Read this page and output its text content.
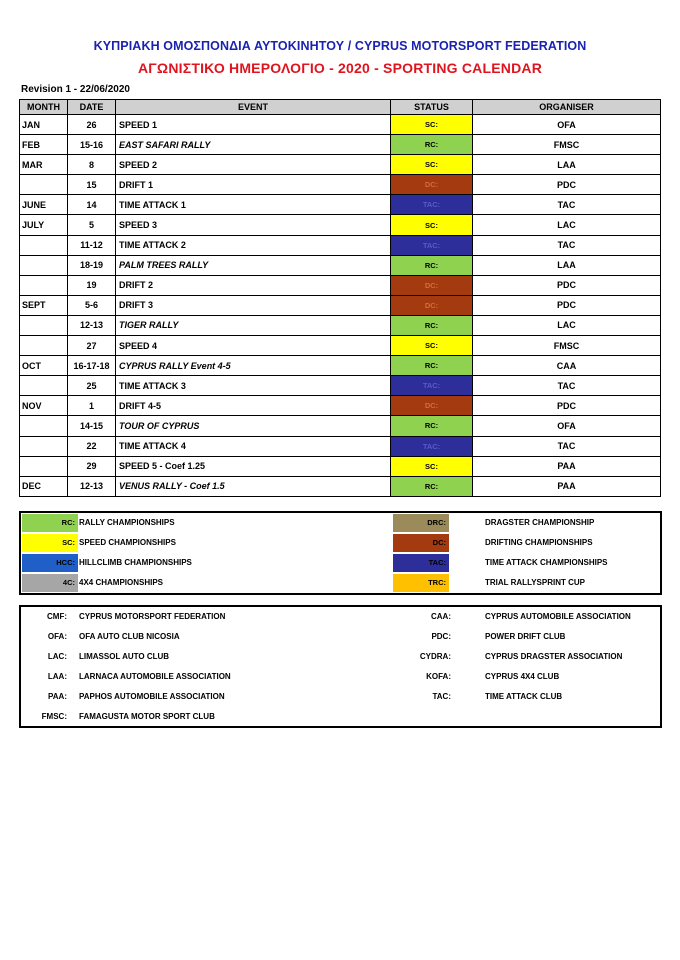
ΚΥΠΡΙΑΚΗ ΟΜΟΣΠΟΝΔΙΑ ΑΥΤΟΚΙΝΗΤΟΥ / CYPRUS MOTORSPORT FEDERATION
ΑΓΩΝΙΣΤΙΚΟ ΗΜΕΡΟΛΟΓΙΟ - 2020 - SPORTING CALENDAR
Revision 1 - 22/06/2020
MONTH	DATE	EVENT	STATUS	ORGANISER
JAN	26	SPEED 1	SC:	OFA
FEB	15-16	EAST SAFARI RALLY	RC:	FMSC
MAR	8	SPEED 2	SC:	LAA
	15	DRIFT 1	DC:	PDC
JUNE	14	TIME ATTACK 1	TAC:	TAC
JULY	5	SPEED 3	SC:	LAC
	11-12	TIME ATTACK 2	TAC:	TAC
	18-19	PALM TREES RALLY	RC:	LAA
	19	DRIFT 2	DC:	PDC
SEPT	5-6	DRIFT 3	DC:	PDC
	12-13	TIGER RALLY	RC:	LAC
	27	SPEED 4	SC:	FMSC
OCT	16-17-18	CYPRUS RALLY Event 4-5	RC:	CAA
	25	TIME ATTACK 3	TAC:	TAC
NOV	1	DRIFT 4-5	DC:	PDC
	14-15	TOUR OF CYPRUS	RC:	OFA
	22	TIME ATTACK 4	TAC:	TAC
	29	SPEED 5 - Coef 1.25	SC:	PAA
DEC	12-13	VENUS RALLY - Coef 1.5	RC:	PAA
RC: RALLY CHAMPIONSHIPS
SC: SPEED CHAMPIONSHIPS
HCC: HILLCLIMB CHAMPIONSHIPS
4C: 4X4 CHAMPIONSHIPS
DRC:	DRAGSTER CHAMPIONSHIP
DC:	DRIFTING CHAMPIONSHIPS
TAC:	TIME ATTACK CHAMPIONSHIPS
TRC:	TRIAL RALLYSPRINT CUP
CMF: CYPRUS MOTORSPORT FEDERATION
OFA: OFA AUTO CLUB NICOSIA
LAC: LIMASSOL AUTO CLUB
LAA: LARNACA AUTOMOBILE ASSOCIATION
PAA: PAPHOS AUTOMOBILE ASSOCIATION
FMSC: FAMAGUSTA MOTOR SPORT CLUB
CAA:	CYPRUS AUTOMOBILE ASSOCIATION
PDC:	POWER DRIFT CLUB
CYDRA:	CYPRUS DRAGSTER ASSOCIATION
KOFA:	CYPRUS 4X4 CLUB
TAC:	TIME ATTACK CLUB
